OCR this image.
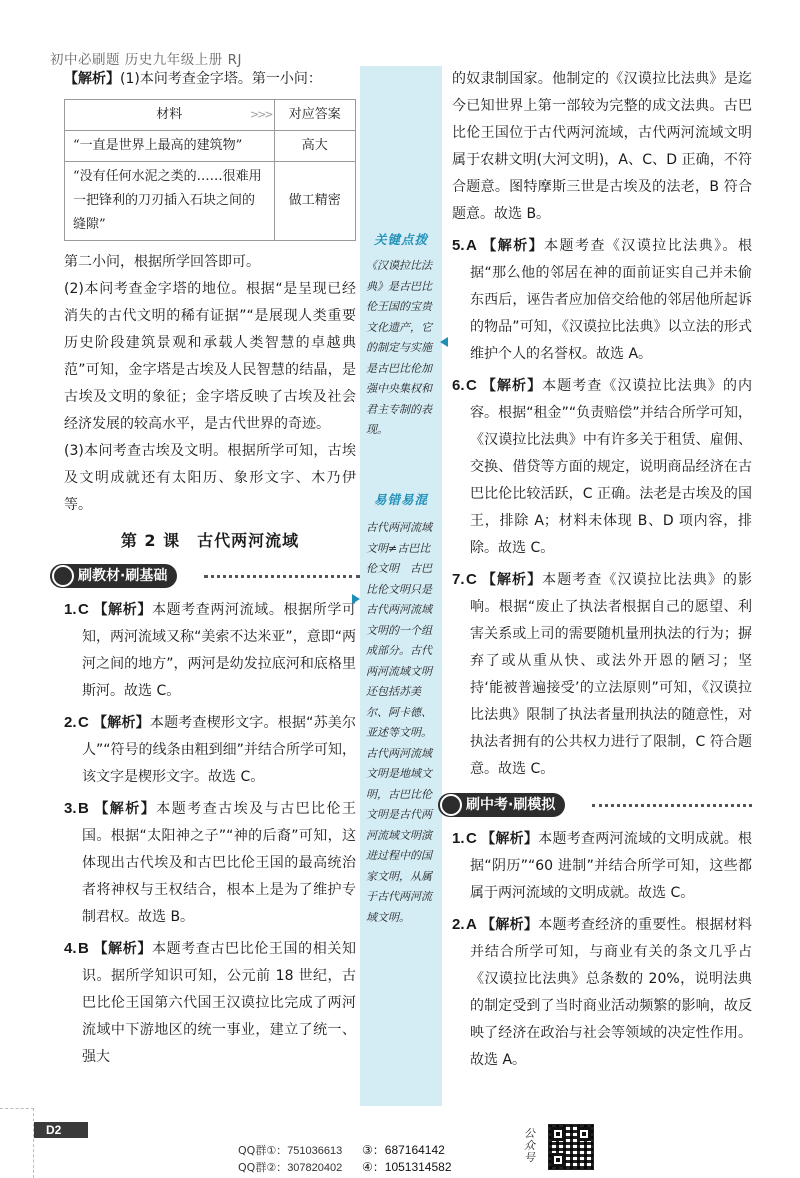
初中必刷题 历史九年级上册 RJ

【解析】(1)本问考查金字塔。第一小问：

材料 >>>	对应答案
“一直是世界上最高的建筑物”	高大
“没有任何水泥之类的……很难用一把锋利的刀刃插入石块之间的缝隙”	做工精密

第二小问，根据所学回答即可。

(2)本问考查金字塔的地位。根据“是呈现已经消失的古代文明的稀有证据”“是展现人类重要历史阶段建筑景观和承载人类智慧的卓越典范”可知，金字塔是古埃及人民智慧的结晶，是古埃及文明的象征；金字塔反映了古埃及社会经济发展的较高水平，是古代世界的奇迹。

(3)本问考查古埃及文明。根据所学可知，古埃及文明成就还有太阳历、象形文字、木乃伊等。

第 2 课　古代两河流域
刷教材·刷基础

1.C 【解析】本题考查两河流域。根据所学可知，两河流域又称“美索不达米亚”，意即“两河之间的地方”，两河是幼发拉底河和底格里斯河。故选 C。

2.C 【解析】本题考查楔形文字。根据“苏美尔人”“符号的线条由粗到细”并结合所学可知，该文字是楔形文字。故选 C。

3.B 【解析】本题考查古埃及与古巴比伦王国。根据“太阳神之子”“神的后裔”可知，这体现出古代埃及和古巴比伦王国的最高统治者将神权与王权结合，根本上是为了维护专制君权。故选 B。

4.B 【解析】本题考查古巴比伦王国的相关知识。据所学知识可知，公元前 18 世纪，古巴比伦王国第六代国王汉谟拉比完成了两河流域中下游地区的统一事业，建立了统一、强大

关键点拨
《汉谟拉比法典》是古巴比伦王国的宝贵文化遗产，它的制定与实施是古巴比伦加强中央集权和君主专制的表现。
易错易混
古代两河流域文明≠古巴比伦文明　古巴比伦文明只是古代两河流域文明的一个组成部分。古代两河流域文明还包括苏美尔、阿卡德、亚述等文明。古代两河流域文明是地域文明，古巴比伦文明是古代两河流域文明演进过程中的国家文明，从属于古代两河流域文明。

的奴隶制国家。他制定的《汉谟拉比法典》是迄今已知世界上第一部较为完整的成文法典。古巴比伦王国位于古代两河流域，古代两河流域文明属于农耕文明(大河文明)，A、C、D 正确，不符合题意。图特摩斯三世是古埃及的法老，B 符合题意。故选 B。

5.A 【解析】本题考查《汉谟拉比法典》。根据“那么他的邻居在神的面前证实自己并未偷东西后，诬告者应加倍交给他的邻居他所起诉的物品”可知，《汉谟拉比法典》以立法的形式维护个人的名誉权。故选 A。

6.C 【解析】本题考查《汉谟拉比法典》的内容。根据“租金”“负责赔偿”并结合所学可知，《汉谟拉比法典》中有许多关于租赁、雇佣、交换、借贷等方面的规定，说明商品经济在古巴比伦比较活跃，C 正确。法老是古埃及的国王，排除 A；材料未体现 B、D 项内容，排除。故选 C。

7.C 【解析】本题考查《汉谟拉比法典》的影响。根据“废止了执法者根据自己的愿望、利害关系或上司的需要随机量刑执法的行为；摒弃了或从重从快、或法外开恩的陋习；坚持‘能被普遍接受’的立法原则”可知，《汉谟拉比法典》限制了执法者量刑执法的随意性，对执法者拥有的公共权力进行了限制，C 符合题意。故选 C。

刷中考·刷模拟

1.C 【解析】本题考查两河流域的文明成就。根据“阴历”“60 进制”并结合所学可知，这些都属于两河流域的文明成就。故选 C。

2.A 【解析】本题考查经济的重要性。根据材料并结合所学可知，与商业有关的条文几乎占《汉谟拉比法典》总条数的 20%，说明法典的制定受到了当时商业活动频繁的影响，故反映了经济在政治与社会等领域的决定性作用。故选 A。

D2
QQ群①：751036613
QQ群②：307820402
③：687164142
④：1051314582
公众号
